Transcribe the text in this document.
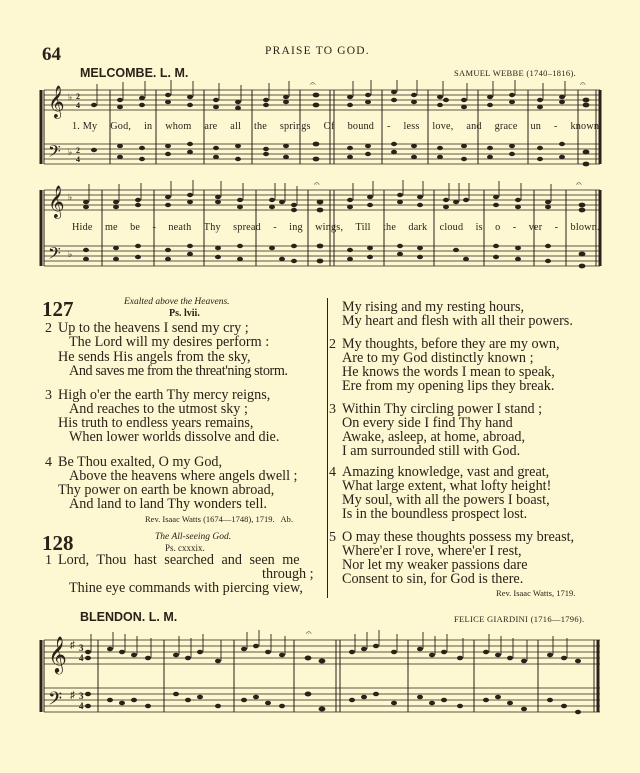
64	PRAISE TO GOD.
MELCOMBE. L. M.	SAMUEL WEBBE (1740–1816).
𝄞
𝄢
♭
♭
2
4
2
4
𝄐	𝄐
1. My God, in whom are all the springs Of bound - less love, and grace un - known,
𝄞
𝄢
♭
♭
𝄐	𝄐
Hide me be - neath Thy spread - ing wings, Till the dark cloud is o - ver - blown.
127	Exalted above the Heavens.
Ps. lvii.
2 Up to the heavens I send my cry ;
The Lord will my desires perform :
He sends His angels from the sky,
And saves me from the threat'ning storm.
3 High o'er the earth Thy mercy reigns,
And reaches to the utmost sky ;
His truth to endless years remains,
When lower worlds dissolve and die.
4 Be Thou exalted, O my God,
Above the heavens where angels dwell ;
Thy power on earth be known abroad,
And land to land Thy wonders tell.
Rev. Isaac Watts (1674—1748), 1719.   Ab.
128	The All-seeing God.
Ps. cxxxix.
1 Lord, Thou hast searched and seen me
through ;
Thine eye commands with piercing view,
My rising and my resting hours,
My heart and flesh with all their powers.
2 My thoughts, before they are my own,
Are to my God distinctly known ;
He knows the words I mean to speak,
Ere from my opening lips they break.
3 Within Thy circling power I stand ;
On every side I find Thy hand
Awake, asleep, at home, abroad,
I am surrounded still with God.
4 Amazing knowledge, vast and great,
What large extent, what lofty height!
My soul, with all the powers I boast,
Is in the boundless prospect lost.
5 O may these thoughts possess my breast,
Where'er I rove, where'er I rest,
Nor let my weaker passions dare
Consent to sin, for God is there.
Rev. Isaac Watts, 1719.
BLENDON. L. M.	FELICE GIARDINI (1716—1796).
𝄞
𝄢
♯
♯
3
4
3
4
𝄐
